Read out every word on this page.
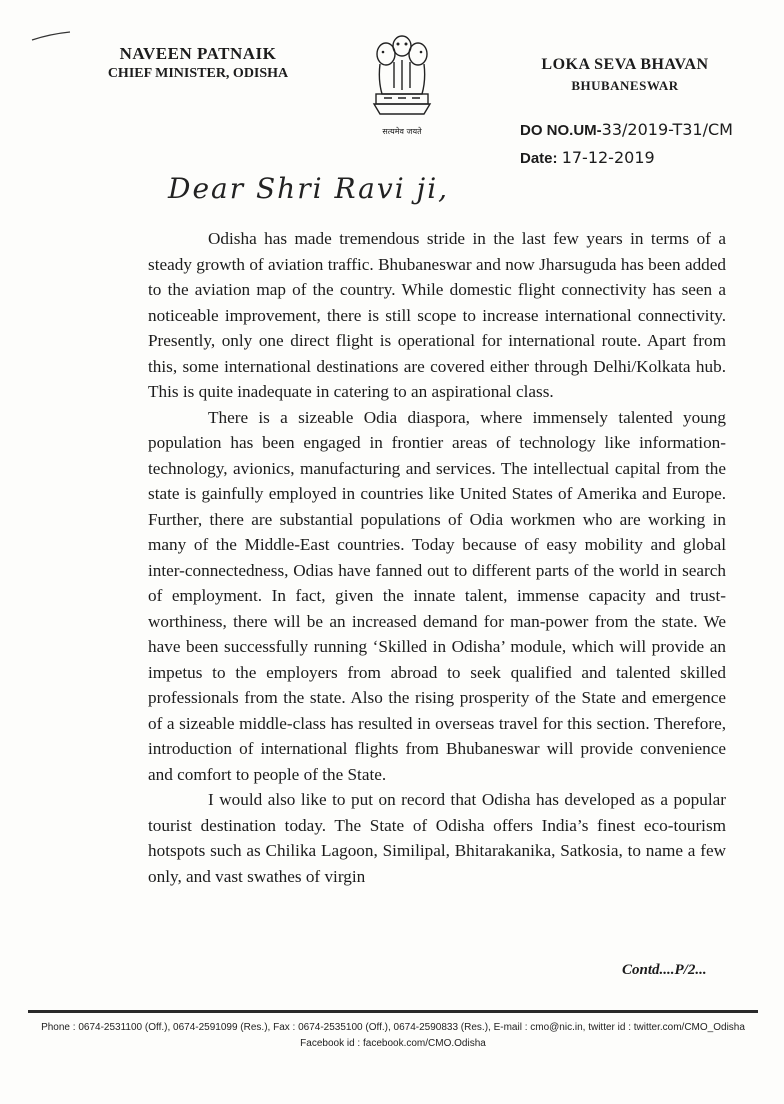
NAVEEN PATNAIK
CHIEF MINISTER, ODISHA
सत्यमेव जयते
LOKA SEVA BHAVAN
BHUBANESWAR
DO NO.UM-33/2019-T31/CM
Date: 17-12-2019
Dear Shri Ravi ji,

Odisha has made tremendous stride in the last few years in terms of a steady growth of aviation traffic. Bhubaneswar and now Jharsuguda has been added to the aviation map of the country. While domestic flight connectivity has seen a noticeable improvement, there is still scope to increase international connectivity. Presently, only one direct flight is operational for international route. Apart from this, some international destinations are covered either through Delhi/Kolkata hub. This is quite inadequate in catering to an aspirational class.

There is a sizeable Odia diaspora, where immensely talented young population has been engaged in frontier areas of technology like information-technology, avionics, manufacturing and services. The intellectual capital from the state is gainfully employed in countries like United States of Amerika and Europe. Further, there are substantial populations of Odia workmen who are working in many of the Middle-East countries. Today because of easy mobility and global inter-connectedness, Odias have fanned out to different parts of the world in search of employment. In fact, given the innate talent, immense capacity and trust-worthiness, there will be an increased demand for man-power from the state. We have been successfully running ‘Skilled in Odisha’ module, which will provide an impetus to the employers from abroad to seek qualified and talented skilled professionals from the state. Also the rising prosperity of the State and emergence of a sizeable middle-class has resulted in overseas travel for this section. Therefore, introduction of international flights from Bhubaneswar will provide convenience and comfort to people of the State.

I would also like to put on record that Odisha has developed as a popular tourist destination today. The State of Odisha offers India’s finest eco-tourism hotspots such as Chilika Lagoon, Similipal, Bhitarakanika, Satkosia, to name a few only, and vast swathes of virgin

Contd....P/2...
Phone : 0674-2531100 (Off.), 0674-2591099 (Res.), Fax : 0674-2535100 (Off.), 0674-2590833 (Res.), E-mail : cmo@nic.in, twitter id : twitter.com/CMO_Odisha
Facebook id : facebook.com/CMO.Odisha
